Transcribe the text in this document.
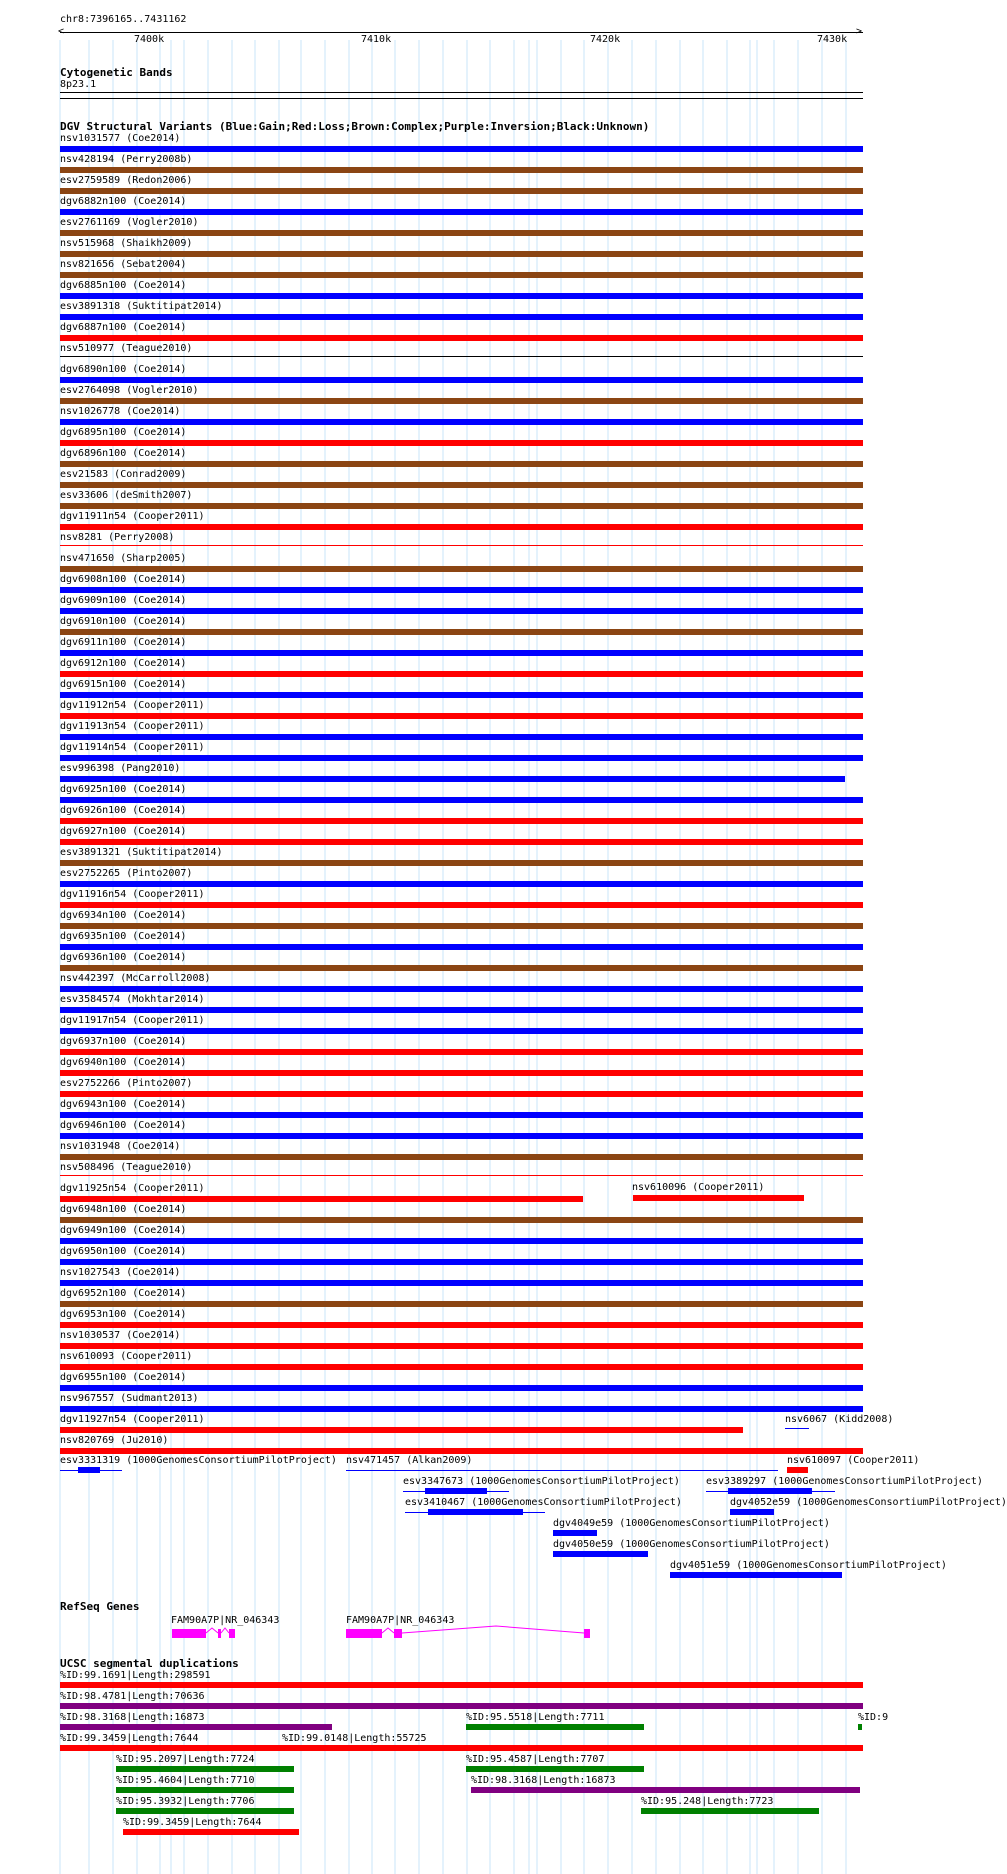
chr8:7396165..7431162
<	>
7400k	7410k	7420k	7430k
Cytogenetic Bands
8p23.1
DGV Structural Variants (Blue:Gain;Red:Loss;Brown:Complex;Purple:Inversion;Black:Unknown)
nsv1031577 (Coe2014)
nsv428194 (Perry2008b)
esv2759589 (Redon2006)
dgv6882n100 (Coe2014)
esv2761169 (Vogler2010)
nsv515968 (Shaikh2009)
nsv821656 (Sebat2004)
dgv6885n100 (Coe2014)
esv3891318 (Suktitipat2014)
dgv6887n100 (Coe2014)
nsv510977 (Teague2010)
dgv6890n100 (Coe2014)
esv2764098 (Vogler2010)
nsv1026778 (Coe2014)
dgv6895n100 (Coe2014)
dgv6896n100 (Coe2014)
esv21583 (Conrad2009)
esv33606 (deSmith2007)
dgv11911n54 (Cooper2011)
nsv8281 (Perry2008)
nsv471650 (Sharp2005)
dgv6908n100 (Coe2014)
dgv6909n100 (Coe2014)
dgv6910n100 (Coe2014)
dgv6911n100 (Coe2014)
dgv6912n100 (Coe2014)
dgv6915n100 (Coe2014)
dgv11912n54 (Cooper2011)
dgv11913n54 (Cooper2011)
dgv11914n54 (Cooper2011)
esv996398 (Pang2010)
dgv6925n100 (Coe2014)
dgv6926n100 (Coe2014)
dgv6927n100 (Coe2014)
esv3891321 (Suktitipat2014)
esv2752265 (Pinto2007)
dgv11916n54 (Cooper2011)
dgv6934n100 (Coe2014)
dgv6935n100 (Coe2014)
dgv6936n100 (Coe2014)
nsv442397 (McCarroll2008)
esv3584574 (Mokhtar2014)
dgv11917n54 (Cooper2011)
dgv6937n100 (Coe2014)
dgv6940n100 (Coe2014)
esv2752266 (Pinto2007)
dgv6943n100 (Coe2014)
dgv6946n100 (Coe2014)
nsv1031948 (Coe2014)
nsv508496 (Teague2010)
dgv11925n54 (Cooper2011)
dgv6948n100 (Coe2014)
dgv6949n100 (Coe2014)
dgv6950n100 (Coe2014)
nsv1027543 (Coe2014)
dgv6952n100 (Coe2014)
dgv6953n100 (Coe2014)
nsv1030537 (Coe2014)
nsv610093 (Cooper2011)
dgv6955n100 (Coe2014)
nsv967557 (Sudmant2013)
dgv11927n54 (Cooper2011)
nsv820769 (Ju2010)
nsv610096 (Cooper2011)
nsv6067 (Kidd2008)
esv3331319 (1000GenomesConsortiumPilotProject) nsv471457 (Alkan2009)	nsv610097 (Cooper2011)
esv3347673 (1000GenomesConsortiumPilotProject)	esv3389297 (1000GenomesConsortiumPilotProject)
esv3410467 (1000GenomesConsortiumPilotProject)	dgv4052e59 (1000GenomesConsortiumPilotProject)
dgv4049e59 (1000GenomesConsortiumPilotProject)
dgv4050e59 (1000GenomesConsortiumPilotProject)
dgv4051e59 (1000GenomesConsortiumPilotProject)
RefSeq Genes
FAM90A7P|NR_046343	FAM90A7P|NR_046343
UCSC segmental duplications
%ID:99.1691|Length:298591
%ID:98.4781|Length:70636
%ID:98.3168|Length:16873	%ID:95.5518|Length:7711	%ID:9
%ID:99.3459|Length:7644	%ID:99.0148|Length:55725
%ID:95.2097|Length:7724	%ID:95.4587|Length:7707
%ID:95.4604|Length:7710	%ID:98.3168|Length:16873
%ID:95.3932|Length:7706	%ID:95.248|Length:7723
%ID:99.3459|Length:7644
